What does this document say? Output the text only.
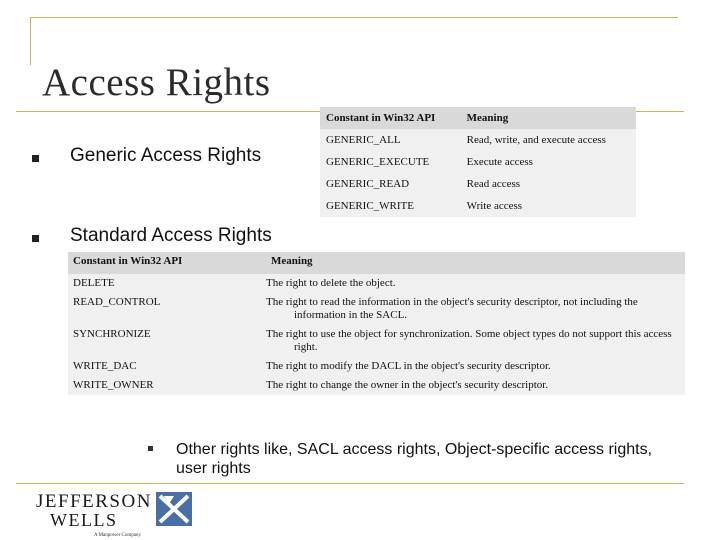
Access Rights
Generic Access Rights
Standard Access Rights
Constant in Win32 API	Meaning

GENERIC_ALL	Read, write, and execute access
GENERIC_EXECUTE	Execute access
GENERIC_READ	Read access
GENERIC_WRITE	Write access
Constant in Win32 API	Meaning
DELETE	The right to delete the object.
READ_CONTROL	The right to read the information in the object's security descriptor, not including the information in the SACL.
SYNCHRONIZE	The right to use the object for synchronization. Some object types do not support this access right.
WRITE_DAC	The right to modify the DACL in the object's security descriptor.
WRITE_OWNER	The right to change the owner in the object's security descriptor.
Other rights like, SACL access rights, Object-specific access rights, user rights
JEFFERSON
WELLS
A Manpower Company
